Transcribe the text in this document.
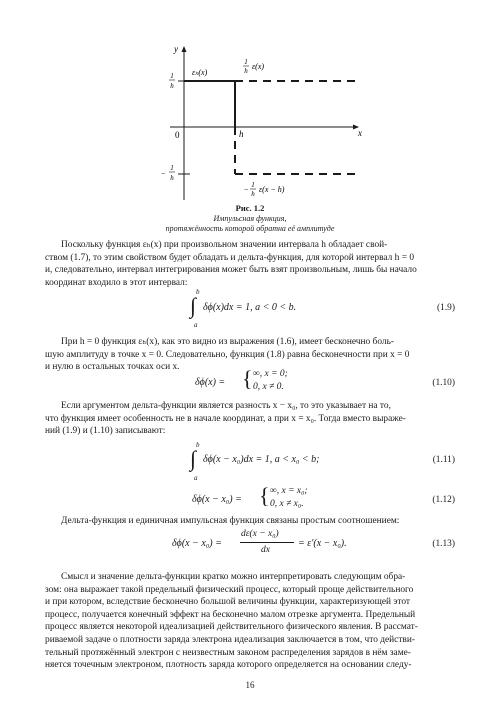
y
x
0
εₕ(x)
1
h ε(x)
1
h
−
1
h
h
− 1
h ε(x − h)
Рис. 1.2
Импульсная функция,
протяжённость которой обратна её амплитуде
Поскольку функция εₕ(x) при произвольном значении интервала h обладает свой-
ством (1.7), то этим свойством будет обладать и дельта-функция, для которой интервал h = 0
и, следовательно, интервал интегрирования может быть взят произвольным, лишь бы начало
координат входило в этот интервал:
b
∫
a
δϕ(x)dx = 1, a < 0 < b.	(1.9)
При h = 0 функция εₕ(x), как это видно из выражения (1.6), имеет бесконечно боль-
шую амплитуду в точке x = 0. Следовательно, функция (1.8) равна бесконечности при x = 0
и нулю в остальных точках оси x.
δϕ(x) = { ∞, x = 0;
0, x ≠ 0.	(1.10)
Если аргументом дельта-функции является разность x − x₀, то это указывает на то,
что функция имеет особенность не в начале координат, а при x = x₀. Тогда вместо выраже-
ний (1.9) и (1.10) записывают:
b
∫
a
δϕ(x − x₀)dx = 1, a < x₀ < b;	(1.11)
δϕ(x − x₀) = { ∞, x = x₀;
0, x ≠ x₀.	(1.12)
Дельта-функция и единичная импульсная функция связаны простым соотношением:
δϕ(x − x₀) =
dε(x − x₀)
dx
= ε′(x − x₀).	(1.13)
Смысл и значение дельта-функции кратко можно интерпретировать следующим обра-
зом: она выражает такой предельный физический процесс, который проще действительного
и при котором, вследствие бесконечно большой величины функции, характеризующей этот
процесс, получается конечный эффект на бесконечно малом отрезке аргумента. Предельный
процесс является некоторой идеализацией действительного физического явления. В рассмат-
риваемой задаче о плотности заряда электрона идеализация заключается в том, что действи-
тельный протяжённый электрон с неизвестным законом распределения зарядов в нём заме-
няется точечным электроном, плотность заряда которого определяется на основании следу-
16
